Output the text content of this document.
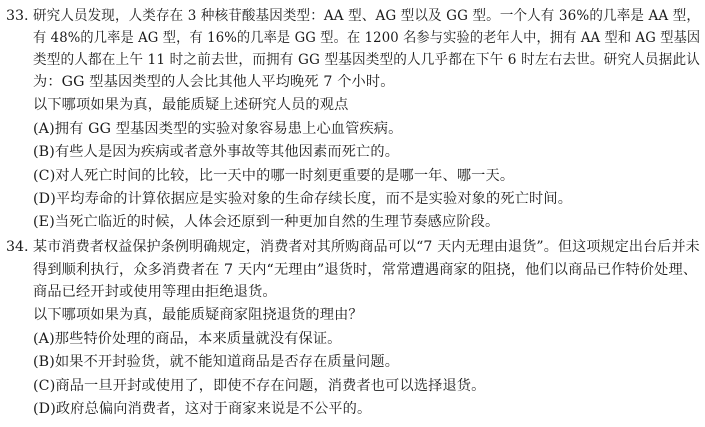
33. 研究人员发现，人类存在 3 种核苷酸基因类型：AA 型、AG 型以及 GG 型。一个人有 36%的几率是 AA 型，
有 48%的几率是 AG 型，有 16%的几率是 GG 型。在 1200 名参与实验的老年人中，拥有 AA 型和 AG 型基因
类型的人都在上午 11 时之前去世，而拥有 GG 型基因类型的人几乎都在下午 6 时左右去世。研究人员据此认
为：GG 型基因类型的人会比其他人平均晚死 7 个小时。
以下哪项如果为真，最能质疑上述研究人员的观点
(A)拥有 GG 型基因类型的实验对象容易患上心血管疾病。
(B)有些人是因为疾病或者意外事故等其他因素而死亡的。
(C)对人死亡时间的比较，比一天中的哪一时刻更重要的是哪一年、哪一天。
(D)平均寿命的计算依据应是实验对象的生命存续长度，而不是实验对象的死亡时间。
(E)当死亡临近的时候，人体会还原到一种更加自然的生理节奏感应阶段。
34. 某市消费者权益保护条例明确规定，消费者对其所购商品可以“7 天内无理由退货”。但这项规定出台后并未
得到顺利执行，众多消费者在 7 天内“无理由”退货时，常常遭遇商家的阻挠，他们以商品已作特价处理、
商品已经开封或使用等理由拒绝退货。
以下哪项如果为真，最能质疑商家阻挠退货的理由？
(A)那些特价处理的商品，本来质量就没有保证。
(B)如果不开封验货，就不能知道商品是否存在质量问题。
(C)商品一旦开封或使用了，即使不存在问题，消费者也可以选择退货。
(D)政府总偏向消费者，这对于商家来说是不公平的。
